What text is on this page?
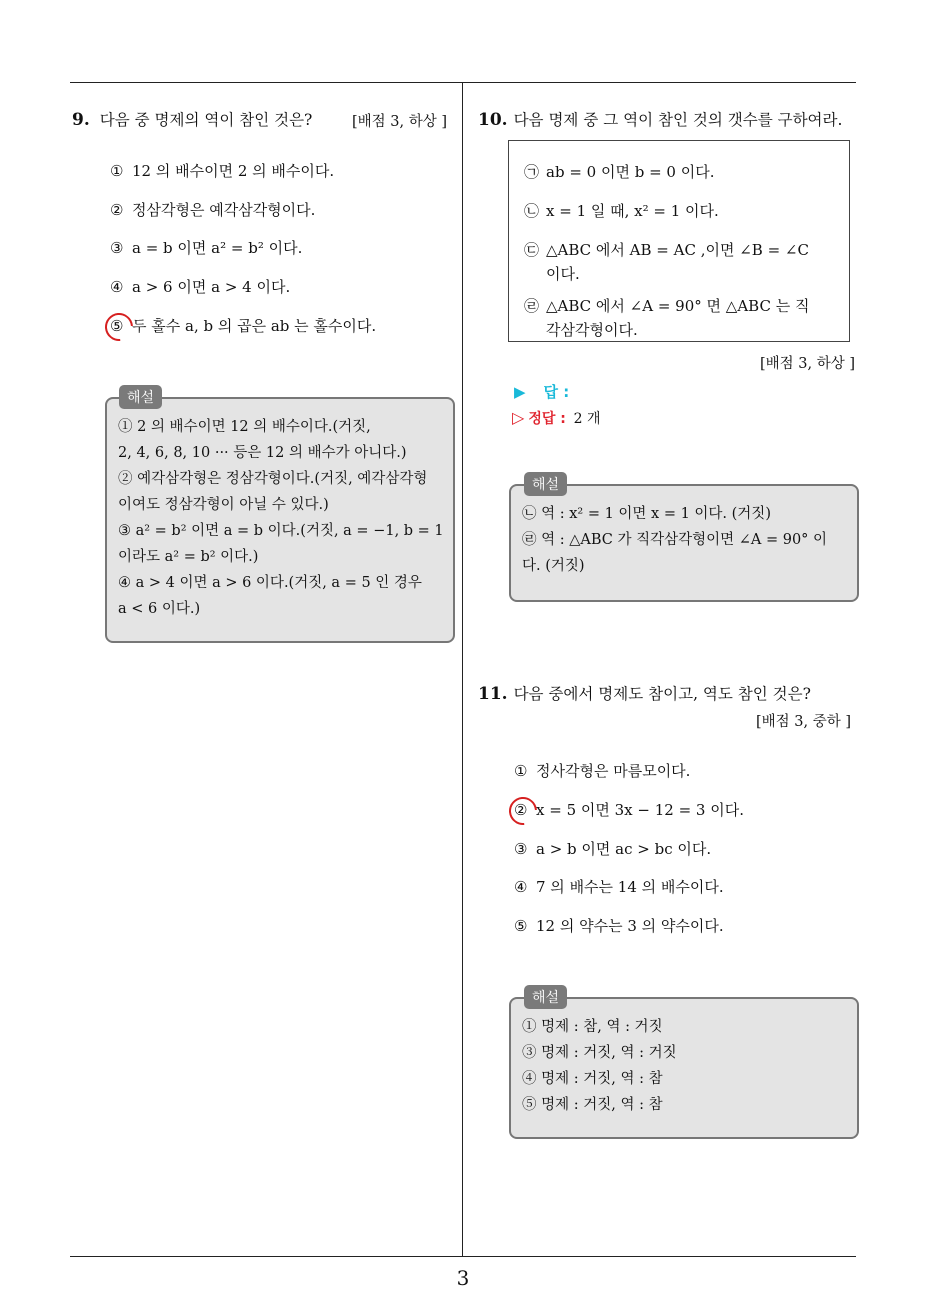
9. 다음 중 명제의 역이 참인 것은?	[배점 3, 하상 ]
① 12 의 배수이면 2 의 배수이다.
② 정삼각형은 예각삼각형이다.
③ a = b 이면 a² = b² 이다.
④ a > 6 이면 a > 4 이다.
⑤ 두 홀수 a, b 의 곱은 ab 는 홀수이다.
해설
① 2 의 배수이면 12 의 배수이다.(거짓,
2, 4, 6, 8, 10 ··· 등은 12 의 배수가 아니다.)
② 예각삼각형은 정삼각형이다.(거짓, 예각삼각형
이여도 정삼각형이 아닐 수 있다.)
③ a² = b² 이면 a = b 이다.(거짓, a = −1, b = 1
이라도 a² = b² 이다.)
④ a > 4 이면 a > 6 이다.(거짓, a = 5 인 경우
a < 6 이다.)
10. 다음 명제 중 그 역이 참인 것의 갯수를 구하여라.
㉠ ab = 0 이면 b = 0 이다.
㉡ x = 1 일 때, x² = 1 이다.
㉢ △ABC 에서 AB = AC ,이면 ∠B = ∠C
이다.
㉣ △ABC 에서 ∠A = 90° 면 △ABC 는 직
각삼각형이다.
[배점 3, 하상 ]
▶ 답 :
▷ 정답 : 2 개
해설
㉡ 역 : x² = 1 이면 x = 1 이다. (거짓)
㉣ 역 : △ABC 가 직각삼각형이면 ∠A = 90° 이
다. (거짓)
11. 다음 중에서 명제도 참이고, 역도 참인 것은?
[배점 3, 중하 ]
① 정사각형은 마름모이다.
② x = 5 이면 3x − 12 = 3 이다.
③ a > b 이면 ac > bc 이다.
④ 7 의 배수는 14 의 배수이다.
⑤ 12 의 약수는 3 의 약수이다.
해설
① 명제 : 참, 역 : 거짓
③ 명제 : 거짓, 역 : 거짓
④ 명제 : 거짓, 역 : 참
⑤ 명제 : 거짓, 역 : 참
3
